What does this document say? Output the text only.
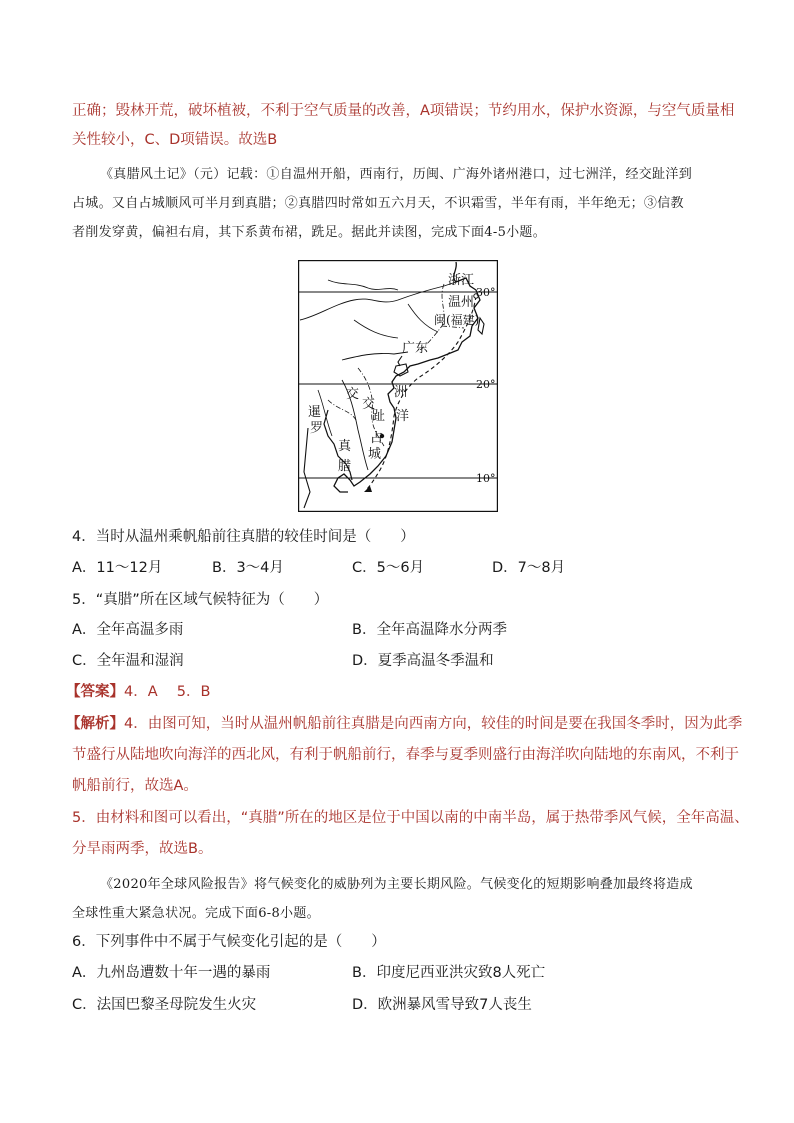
正确；毁林开荒，破坏植被，不利于空气质量的改善，A项错误；节约用水，保护水资源，与空气质量相
关性较小，C、D项错误。故选B
《真腊风土记》（元）记载：①自温州开船，西南行，历闽、广海外诸州港口，过七洲洋，经交趾洋到
占城。又自占城顺风可半月到真腊；②真腊四时常如五六月天，不识霜雪，半年有雨，半年绝无；③信教
者削发穿黄，偏袒右肩，其下系黄布裙，跣足。据此并读图，完成下面4-5小题。
浙江
温州
闽(福建)
广东
交
交
趾
洲
洋
暹
罗
真
腊
占
城
30°
20°
10°
4．当时从温州乘帆船前往真腊的较佳时间是（　　）
A．11～12月	B．3～4月	C．5～6月	D．7～8月
5．“真腊”所在区域气候特征为（　　）
A．全年高温多雨	B．全年高温降水分两季
C．全年温和湿润	D．夏季高温冬季温和
【答案】4．A　 5．B
【解析】4．由图可知，当时从温州帆船前往真腊是向西南方向，较佳的时间是要在我国冬季时，因为此季
节盛行从陆地吹向海洋的西北风，有利于帆船前行，春季与夏季则盛行由海洋吹向陆地的东南风，不利于
帆船前行，故选A。
5．由材料和图可以看出，“真腊”所在的地区是位于中国以南的中南半岛，属于热带季风气候，全年高温、
分旱雨两季，故选B。
《2020年全球风险报告》将气候变化的威胁列为主要长期风险。气候变化的短期影响叠加最终将造成
全球性重大紧急状况。完成下面6-8小题。
6．下列事件中不属于气候变化引起的是（　　）
A．九州岛遭数十年一遇的暴雨	B．印度尼西亚洪灾致8人死亡
C．法国巴黎圣母院发生火灾	D．欧洲暴风雪导致7人丧生
